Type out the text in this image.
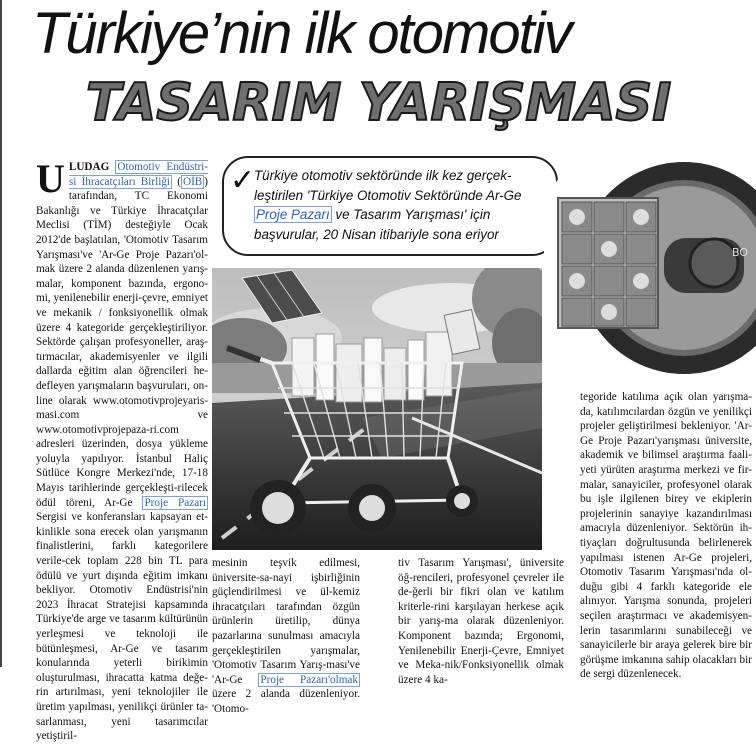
Türkiye’nin ilk otomotiv
TASARIM YARIŞMASI

ULUDAG Otomotiv Endüstri-si İhracatçıları Birliği ( OİB ) tarafından, TC Ekonomi Bakanlığı ve Türkiye İhracatçılar Meclisi (TİM) desteğiyle Ocak 2012'de başlatılan, 'Otomotiv Tasarım Yarışması've 'Ar-Ge Proje Pazarı'ol-mak üzere 2 alanda düzenlenen yarış-malar, komponent bazında, ergono-mi, yenilenebilir enerji-çevre, emniyet ve mekanik / fonksiyonellik olmak üzere 4 kategoride gerçekleştiriliyor. Sektörde çalışan profesyoneller, araş-tırmacılar, akademisyenler ve ilgili dallarda eğitim alan öğrencileri he-defleyen yarışmaların başvuruları, on-line olarak www.otomotivprojeyaris-masi.com ve www.otomotivprojepaza-ri.com adresleri üzerinden, dosya yükleme yoluyla yapılıyor. İstanbul Haliç Sütlüce Kongre Merkezi'nde, 17-18 Mayıs tarihlerinde gerçekleşti-rilecek ödül töreni, Ar-Ge Proje Pazarı Sergisi ve konferansları kapsayan et-kinlikle sona erecek olan yarışmanın finalistlerini, farklı kategorilere verile-cek toplam 228 bin TL para ödülü ve yurt dışında eğitim imkanı bekliyor. Otomotiv Endüstrisi'nin 2023 İhracat Stratejisi kapsamında Türkiye'de arge ve tasarım kültürünün yerleşmesi ve teknoloji ile bütünleşmesi, Ar-Ge ve tasarım konularında yeterli birikimin oluşturulması, ihracatta katma değe-rin artırılması, yeni teknolojiler ile üretim yapılması, yenilikçi ürünler ta-sarlanması, yeni tasarımcılar yetiştiril-

✓
Türkiye otomotiv sektöründe ilk kez gerçek-leştirilen 'Türkiye Otomotiv Sektöründe Ar-Ge Proje Pazarı ve Tasarım Yarışması' için başvurular, 20 Nisan itibariyle sona eriyor
BO

mesinin teşvik edilmesi, üniversite-sa-nayi işbirliğinin güçlendirilmesi ve ül-kemiz ihracatçıları tarafından özgün ürünlerin üretilip, dünya pazarlarına sunulması amacıyla gerçekleştirilen yarışmalar, 'Otomotiv Tasarım Yarış-ması've 'Ar-Ge Proje Pazarı'olmak üzere 2 alanda düzenleniyor. 'Otomo-

tiv Tasarım Yarışması', üniversite öğ-rencileri, profesyonel çevreler ile de-ğerli bir fikri olan ve katılım kriterle-rini karşılayan herkese açık bir yarış-ma olarak düzenleniyor. Komponent bazında; Ergonomi, Yenilenebilir Enerji-Çevre, Emniyet ve Meka-nik/Fonksiyonellik olmak üzere 4 ka-

tegoride katılıma açık olan yarışma-da, katılımcılardan özgün ve yenilikçi projeler geliştirilmesi bekleniyor. 'Ar-Ge Proje Pazarı'yarışması üniversite, akademik ve bilimsel araştırma faali-yeti yürüten araştırma merkezi ve fir-malar, sanayiciler, profesyonel olarak bu işle ilgilenen birey ve ekiplerin projelerinin sanayiye kazandırılması amacıyla düzenleniyor. Sektörün ih-tiyaçları doğrultusunda belirlenerek yapılması istenen Ar-Ge projeleri, Otomotiv Tasarım Yarışması'nda ol-duğu gibi 4 farklı kategoride ele alınıyor. Yarışma sonunda, projeleri seçilen araştırmacı ve akademisyen-lerin tasarımlarını sunabileceği ve sanayicilerle bir araya gelerek bire bir görüşme imkanına sahip olacakları bir de sergi düzenlenecek.
